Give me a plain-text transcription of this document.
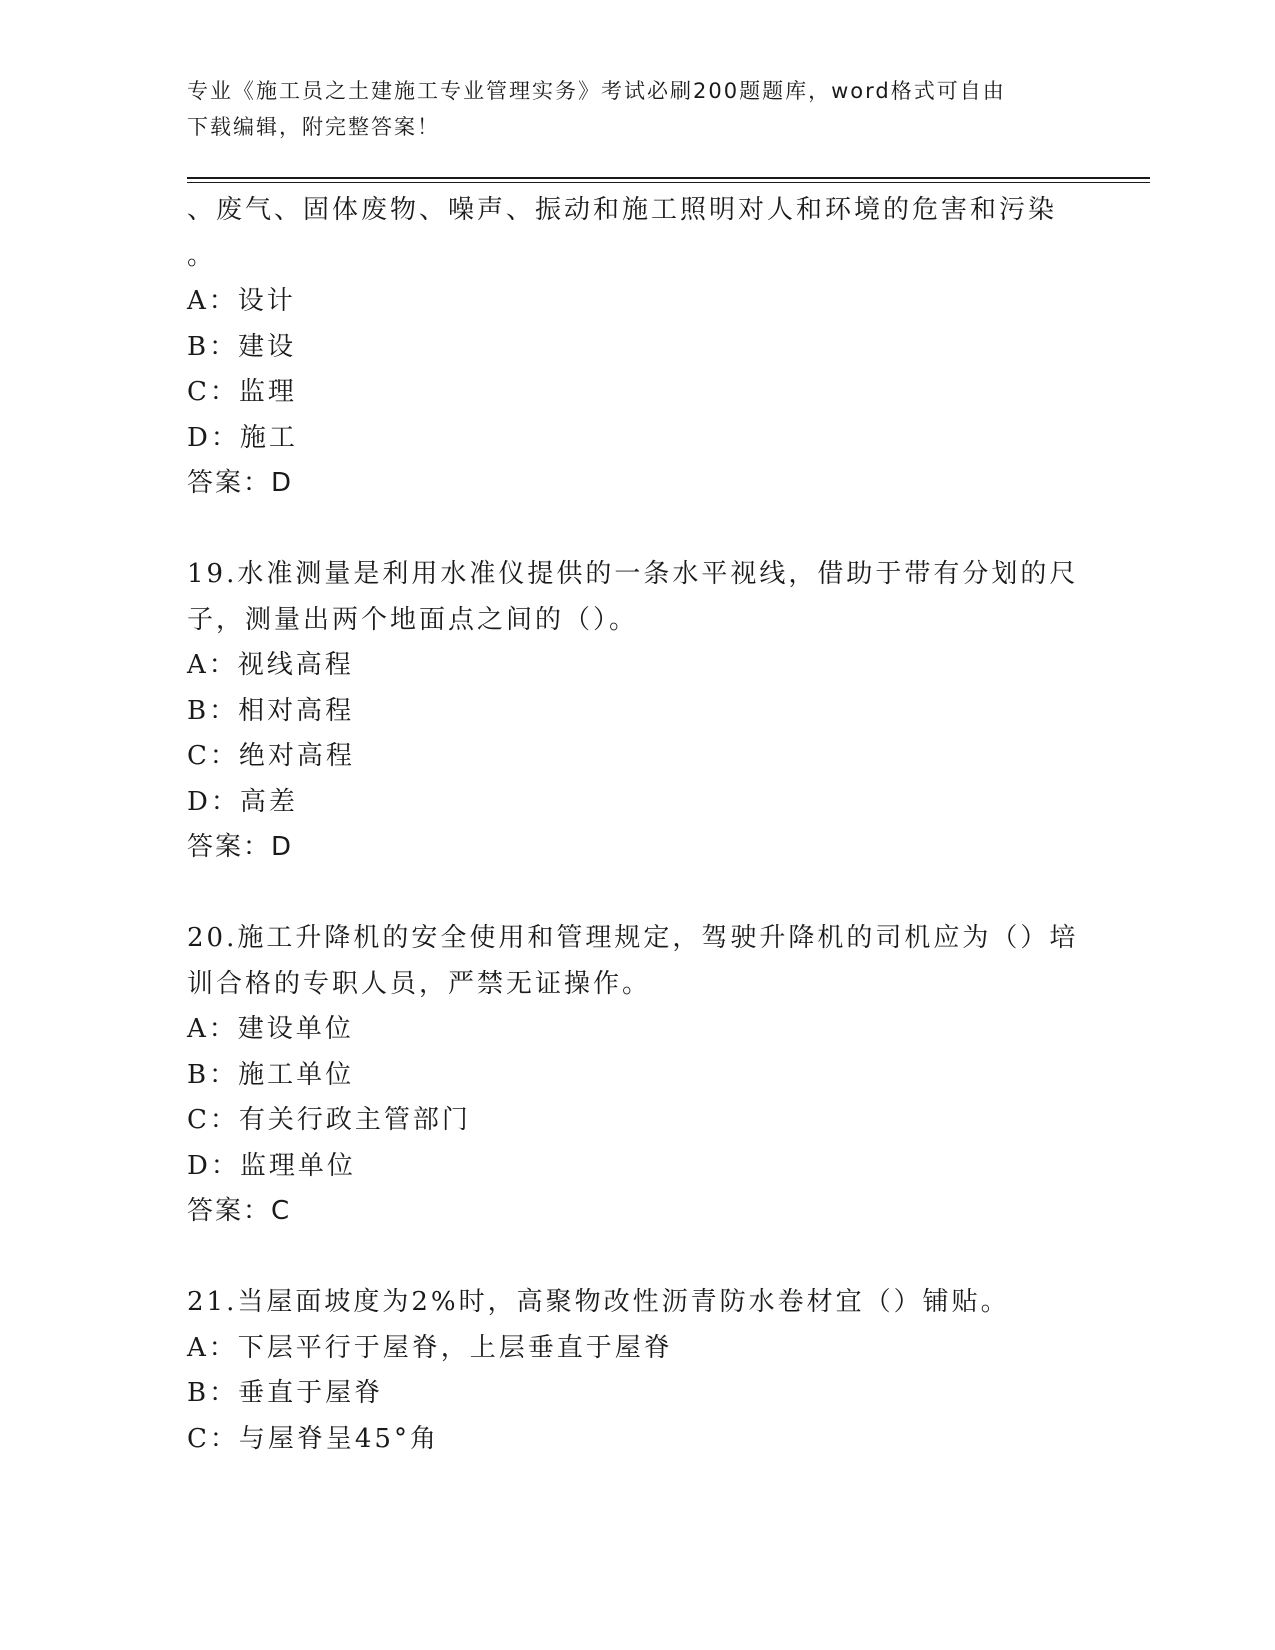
专业《施工员之土建施工专业管理实务》考试必刷200题题库，word格式可自由
下载编辑，附完整答案！
、废气、固体废物、噪声、振动和施工照明对人和环境的危害和污染
。
A：设计
B：建设
C：监理
D：施工
答案：D
19.水准测量是利用水准仪提供的一条水平视线，借助于带有分划的尺
子，测量出两个地面点之间的（）。
A：视线高程
B：相对高程
C：绝对高程
D：高差
答案：D
20.施工升降机的安全使用和管理规定，驾驶升降机的司机应为（）培
训合格的专职人员，严禁无证操作。
A：建设单位
B：施工单位
C：有关行政主管部门
D：监理单位
答案：C
21.当屋面坡度为2%时，高聚物改性沥青防水卷材宜（）铺贴。
A：下层平行于屋脊，上层垂直于屋脊
B：垂直于屋脊
C：与屋脊呈45°角
